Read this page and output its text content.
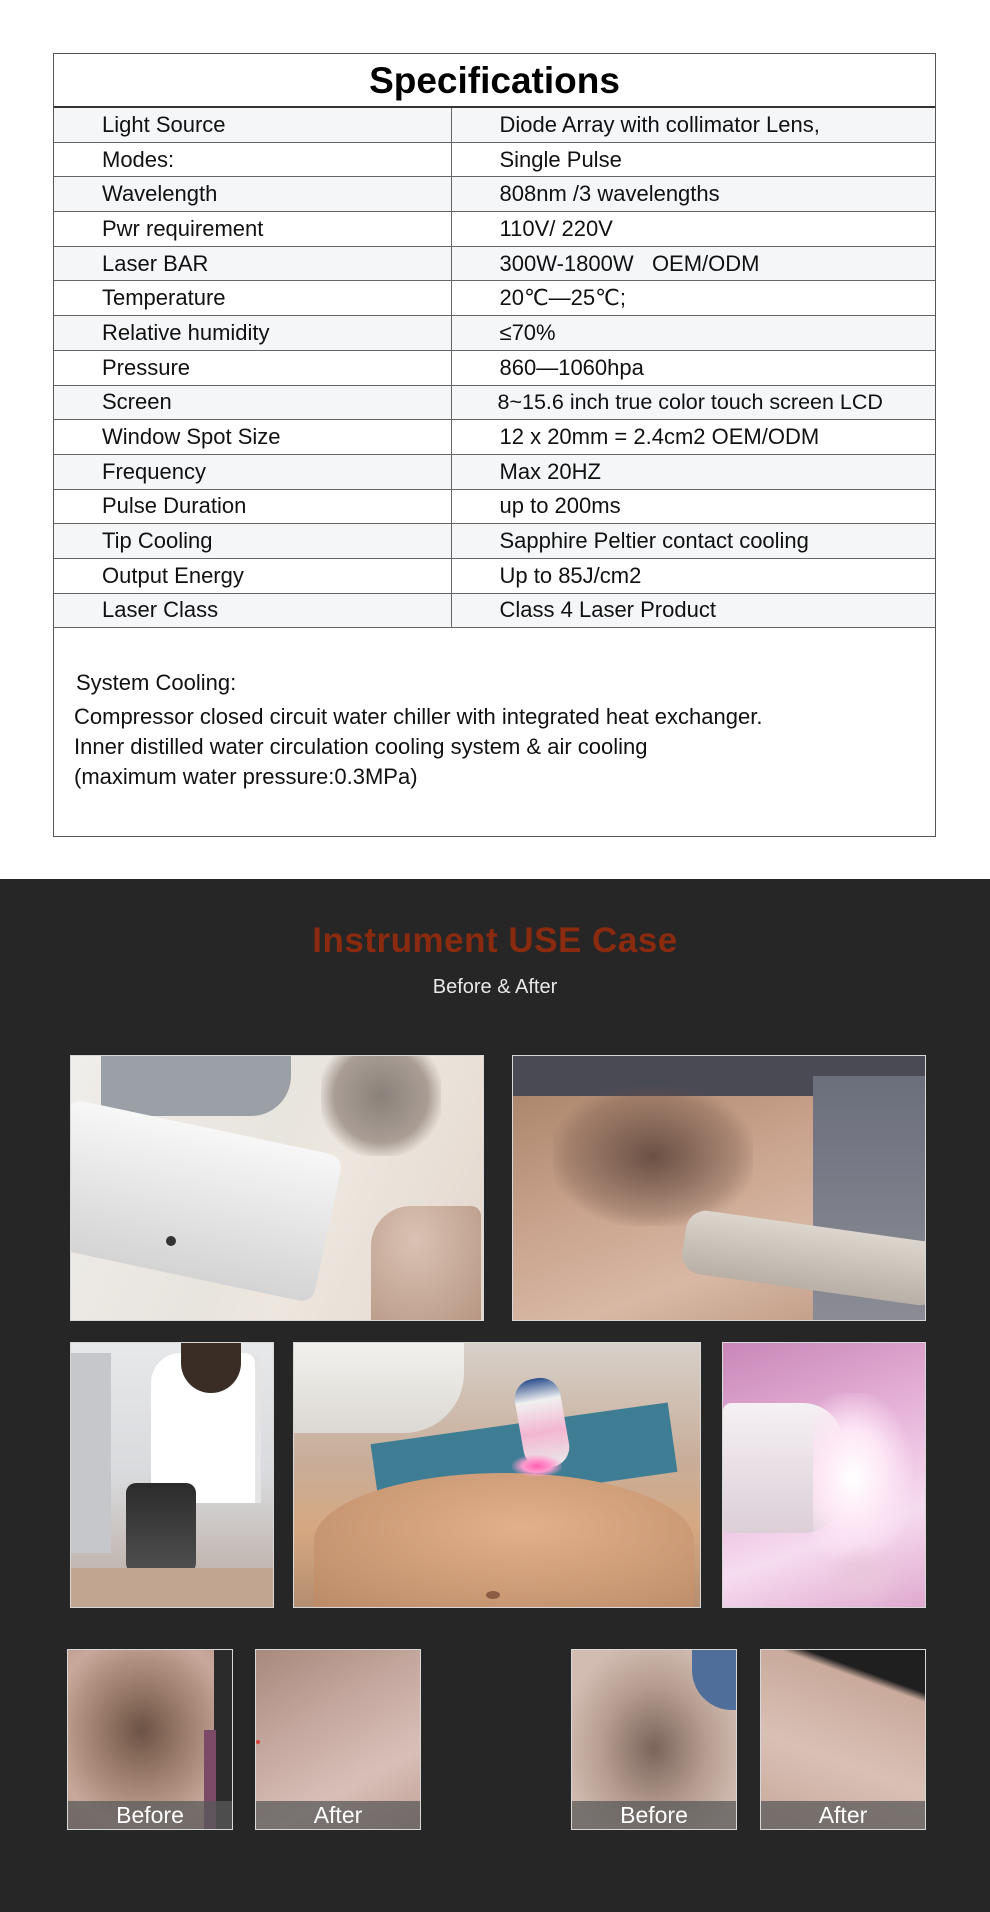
Specifications
Light Source	Diode Array with collimator Lens,
Modes:	Single Pulse
Wavelength	808nm /3 wavelengths
Pwr requirement	110V/ 220V
Laser BAR	300W-1800W   OEM/ODM
Temperature	20℃—25℃;
Relative humidity	≤70%
Pressure	860—1060hpa
Screen	8~15.6 inch true color touch screen LCD
Window Spot Size	12 x 20mm = 2.4cm2 OEM/ODM
Frequency	Max 20HZ
Pulse Duration	up to 200ms
Tip Cooling	Sapphire Peltier contact cooling
Output Energy	Up to 85J/cm2
Laser Class	Class 4 Laser Product
System Cooling:
Compressor closed circuit water chiller with integrated heat exchanger.
Inner distilled water circulation cooling system & air cooling
(maximum water pressure:0.3MPa)
Instrument USE Case
Before & After
Before	After	Before	After
